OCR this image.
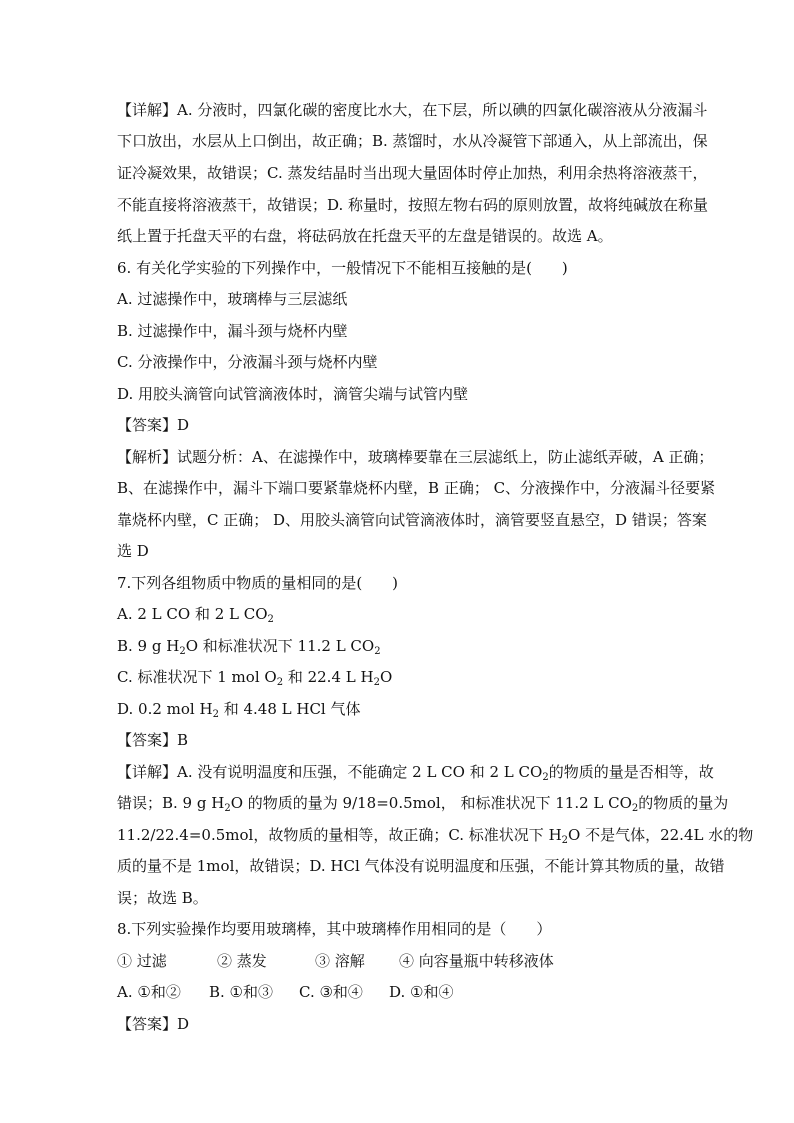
【详解】A. 分液时，四氯化碳的密度比水大，在下层，所以碘的四氯化碳溶液从分液漏斗
下口放出，水层从上口倒出，故正确；B. 蒸馏时，水从冷凝管下部通入，从上部流出，保
证冷凝效果，故错误；C. 蒸发结晶时当出现大量固体时停止加热，利用余热将溶液蒸干，
不能直接将溶液蒸干，故错误；D. 称量时，按照左物右码的原则放置，故将纯碱放在称量
纸上置于托盘天平的右盘，将砝码放在托盘天平的左盘是错误的。故选 A。
6. 有关化学实验的下列操作中，一般情况下不能相互接触的是(　　)
A. 过滤操作中，玻璃棒与三层滤纸
B. 过滤操作中，漏斗颈与烧杯内壁
C. 分液操作中，分液漏斗颈与烧杯内壁
D. 用胶头滴管向试管滴液体时，滴管尖端与试管内壁
【答案】D
【解析】试题分析：A、在滤操作中，玻璃棒要靠在三层滤纸上，防止滤纸弄破，A 正确；
B、在滤操作中，漏斗下端口要紧靠烧杯内壁，B 正确； C、分液操作中，分液漏斗径要紧
靠烧杯内壁，C 正确； D、用胶头滴管向试管滴液体时，滴管要竖直悬空，D 错误；答案
选 D
7.下列各组物质中物质的量相同的是(　　)
A. 2 L CO 和 2 L $CO_2$
B. 9 g $H_2O$ 和标准状况下 11.2 L $CO_2$
C. 标准状况下 1 mol $O_2$ 和 22.4 L $H_2O$
D. 0.2 mol $H_2$ 和 4.48 L HCl 气体
【答案】B
【详解】A. 没有说明温度和压强，不能确定 2 L CO 和 2 L $CO_2$的物质的量是否相等，故
错误；B. 9 g $H_2O$ 的物质的量为 9/18=0.5mol， 和标准状况下 11.2 L $CO_2$的物质的量为
11.2/22.4=0.5mol，故物质的量相等，故正确；C. 标准状况下 $H_2O$ 不是气体，22.4L 水的物
质的量不是 1mol，故错误；D. HCl 气体没有说明温度和压强，不能计算其物质的量，故错
误；故选 B。
8.下列实验操作均要用玻璃棒，其中玻璃棒作用相同的是（　　）
① 过滤	② 蒸发	③ 溶解 ④ 向容量瓶中转移液体
A. ①和② B. ①和③ C. ③和④ D. ①和④
【答案】D
